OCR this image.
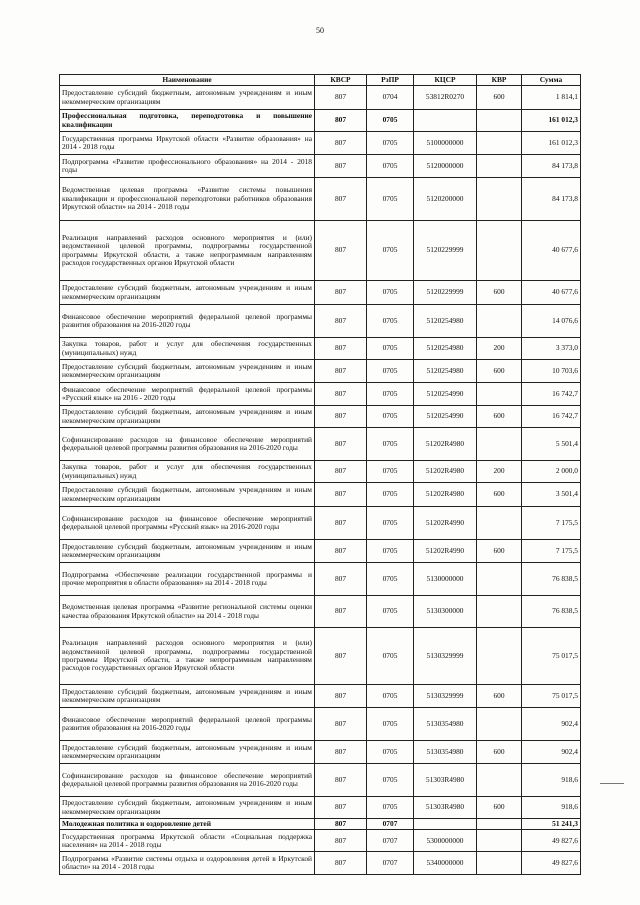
50
Наименование	КВСР	РзПР	КЦСР	КВР	Сумма
Предоставление субсидий бюджетным, автономным учреждениям и иным некоммерческим организациям	807	0704	53812R0270	600	1 814,1
Профессиональная подготовка, переподготовка и повышение квалификации	807	0705			161 012,3
Государственная программа Иркутской области «Развитие образования» на 2014 - 2018 годы	807	0705	5100000000		161 012,3
Подпрограмма «Развитие профессионального образования» на 2014 - 2018 годы	807	0705	5120000000		84 173,8
Ведомственная целевая программа «Развитие системы повышения квалификации и профессиональной переподготовки работников образования Иркутской области» на 2014 - 2018 годы	807	0705	5120200000		84 173,8
Реализация направлений расходов основного мероприятия и (или) ведомственной целевой программы, подпрограммы государственной программы Иркутской области, а также непрограммным направлениям расходов государственных органов Иркутской области	807	0705	5120229999		40 677,6
Предоставление субсидий бюджетным, автономным учреждениям и иным некоммерческим организациям	807	0705	5120229999	600	40 677,6
Финансовое обеспечение мероприятий федеральной целевой программы развития образования на 2016-2020 годы	807	0705	5120254980		14 076,6
Закупка товаров, работ и услуг для обеспечения государственных (муниципальных) нужд	807	0705	5120254980	200	3 373,0
Предоставление субсидий бюджетным, автономным учреждениям и иным некоммерческим организациям	807	0705	5120254980	600	10 703,6
Финансовое обеспечение мероприятий федеральной целевой программы «Русский язык» на 2016 - 2020 годы	807	0705	5120254990		16 742,7
Предоставление субсидий бюджетным, автономным учреждениям и иным некоммерческим организациям	807	0705	5120254990	600	16 742,7
Софинансирование расходов на финансовое обеспечение мероприятий федеральной целевой программы развития образования на 2016-2020 годы	807	0705	51202R4980		5 501,4
Закупка товаров, работ и услуг для обеспечения государственных (муниципальных) нужд	807	0705	51202R4980	200	2 000,0
Предоставление субсидий бюджетным, автономным учреждениям и иным некоммерческим организациям	807	0705	51202R4980	600	3 501,4
Софинансирование расходов на финансовое обеспечение мероприятий федеральной целевой программы «Русский язык» на 2016-2020 годы	807	0705	51202R4990		7 175,5
Предоставление субсидий бюджетным, автономным учреждениям и иным некоммерческим организациям	807	0705	51202R4990	600	7 175,5
Подпрограмма «Обеспечение реализации государственной программы и прочие мероприятия в области образования» на 2014 - 2018 годы	807	0705	5130000000		76 838,5
Ведомственная целевая программа «Развитие региональной системы оценки качества образования Иркутской области» на 2014 - 2018 годы	807	0705	5130300000		76 838,5
Реализация направлений расходов основного мероприятия и (или) ведомственной целевой программы, подпрограммы государственной программы Иркутской области, а также непрограммным направлениям расходов государственных органов Иркутской области	807	0705	5130329999		75 017,5
Предоставление субсидий бюджетным, автономным учреждениям и иным некоммерческим организациям	807	0705	5130329999	600	75 017,5
Финансовое обеспечение мероприятий федеральной целевой программы развития образования на 2016-2020 годы	807	0705	5130354980		902,4
Предоставление субсидий бюджетным, автономным учреждениям и иным некоммерческим организациям	807	0705	5130354980	600	902,4
Софинансирование расходов на финансовое обеспечение мероприятий федеральной целевой программы развития образования на 2016-2020 годы	807	0705	51303R4980		918,6
Предоставление субсидий бюджетным, автономным учреждениям и иным некоммерческим организациям	807	0705	51303R4980	600	918,6
Молодежная политика и оздоровление детей	807	0707			51 241,3
Государственная программа Иркутской области «Социальная поддержка населения» на 2014 - 2018 годы	807	0707	5300000000		49 827,6
Подпрограмма «Развитие системы отдыха и оздоровления детей в Иркутской области» на 2014 - 2018 годы	807	0707	5340000000		49 827,6
